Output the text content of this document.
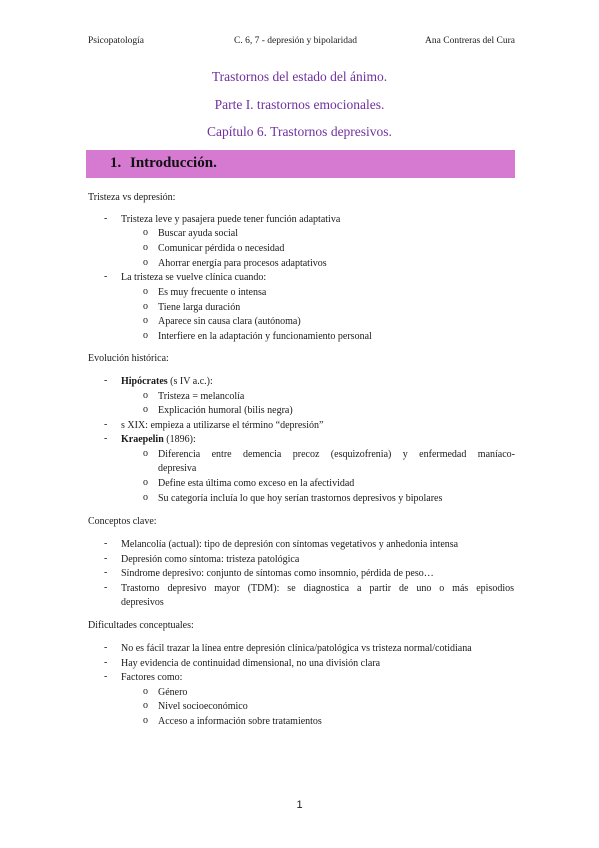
Psicopatología	C. 6, 7 - depresión y bipolaridad	Ana Contreras del Cura
Trastornos del estado del ánimo.
Parte I. trastornos emocionales.
Capítulo 6. Trastornos depresivos.
1. Introducción.
Tristeza vs depresión:
- Tristeza leve y pasajera puede tener función adaptativa
o Buscar ayuda social
o Comunicar pérdida o necesidad
o Ahorrar energía para procesos adaptativos
- La tristeza se vuelve clínica cuando:
o Es muy frecuente o intensa
o Tiene larga duración
o Aparece sin causa clara (autónoma)
o Interfiere en la adaptación y funcionamiento personal
Evolución histórica:
- Hipócrates (s IV a.c.):
o Tristeza = melancolía
o Explicación humoral (bilis negra)
- s XIX: empieza a utilizarse el término “depresión”
- Kraepelin (1896):
o Diferencia entre demencia precoz (esquizofrenia) y enfermedad maníaco-
depresiva
o Define esta última como exceso en la afectividad
o Su categoría incluía lo que hoy serían trastornos depresivos y bipolares
Conceptos clave:
- Melancolía (actual): tipo de depresión con síntomas vegetativos y anhedonia intensa
- Depresión como síntoma: tristeza patológica
- Síndrome depresivo: conjunto de síntomas como insomnio, pérdida de peso…
- Trastorno depresivo mayor (TDM): se diagnostica a partir de uno o más episodios
depresivos
Dificultades conceptuales:
- No es fácil trazar la línea entre depresión clínica/patológica vs tristeza normal/cotidiana
- Hay evidencia de continuidad dimensional, no una división clara
- Factores como:
o Género
o Nivel socioeconómico
o Acceso a información sobre tratamientos
1
